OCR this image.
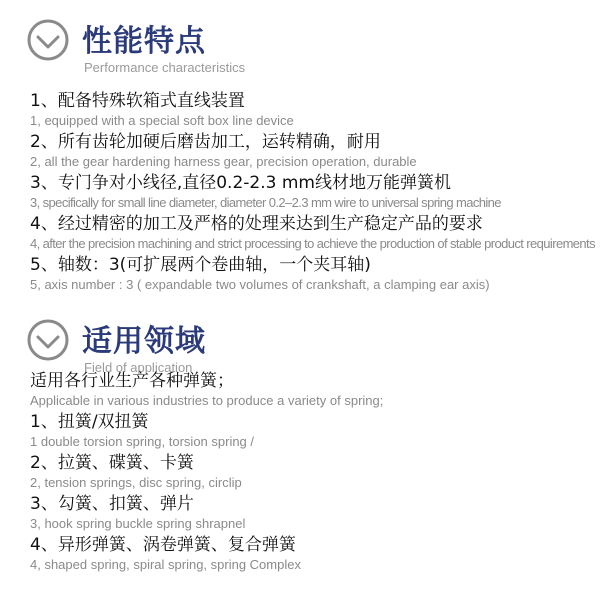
性能特点
Performance characteristics
1、配备特殊软箱式直线装置
1, equipped with a special soft box line device
2、所有齿轮加硬后磨齿加工，运转精确，耐用
2, all the gear hardening harness gear, precision operation, durable
3、专门争对小线径,直径0.2-2.3 mm线材地万能弹簧机
3, specifically for small line diameter, diameter 0.2–2.3 mm wire to universal spring machine
4、经过精密的加工及严格的处理来达到生产稳定产品的要求
4, after the precision machining and strict processing to achieve the production of stable product requirements
5、轴数：3(可扩展两个卷曲轴，一个夹耳轴)
5, axis number : 3 ( expandable two volumes of crankshaft, a clamping ear axis)
适用领域
Field of application
适用各行业生产各种弹簧；
Applicable in various industries to produce a variety of spring;
1、扭簧/双扭簧
1 double torsion spring, torsion spring /
2、拉簧、碟簧、卡簧
2, tension springs, disc spring, circlip
3、勾簧、扣簧、弹片
3, hook spring buckle spring shrapnel
4、异形弹簧、涡卷弹簧、复合弹簧
4, shaped spring, spiral spring, spring Complex
